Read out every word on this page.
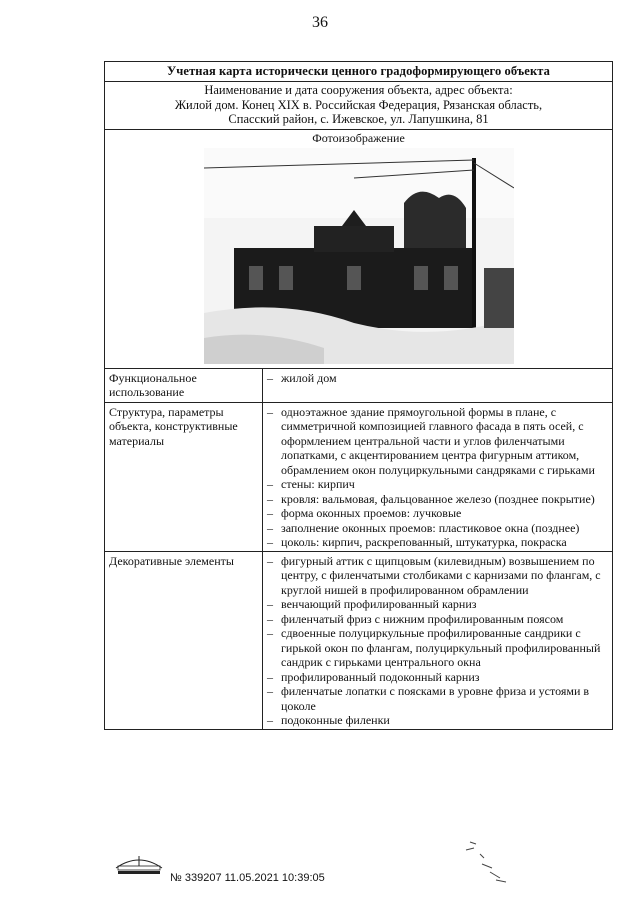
36
Учетная карта исторически ценного градоформирующего объекта
Наименование и дата сооружения объекта, адрес объекта:
Жилой дом. Конец XIX в. Российская Федерация, Рязанская область,
Спасский район, с. Ижевское, ул. Лапушкина, 81
Фотоизображение
Функциональное использование
– жилой дом
Структура, параметры объекта, конструктивные материалы
– одноэтажное здание прямоугольной формы в плане, с симметричной композицией главного фасада в пять осей, с оформлением центральной части и углов филенчатыми лопатками, с акцентированием центра фигурным аттиком, обрамлением окон полуциркульными сандряками с гирьками
– стены: кирпич
– кровля: вальмовая, фальцованное железо (позднее покрытие)
– форма оконных проемов: лучковые
– заполнение оконных проемов: пластиковое окна (позднее)
– цоколь: кирпич, раскрепованный, штукатурка, покраска
Декоративные элементы	– фигурный аттик с щипцовым (килевидным) возвышением по центру, с филенчатыми столбиками с карнизами по флангам, с круглой нишей в профилированном обрамлении
– венчающий профилированный карниз
– филенчатый фриз с нижним профилированным поясом
– сдвоенные полуциркульные профилированные сандрики с гирькой окон по флангам, полуциркульный профилированный сандрик с гирьками центрального окна
– профилированный подоконный карниз
– филенчатые лопатки с поясками в уровне фриза и устоями в цоколе
– подоконные филенки
№ 339207 11.05.2021 10:39:05
